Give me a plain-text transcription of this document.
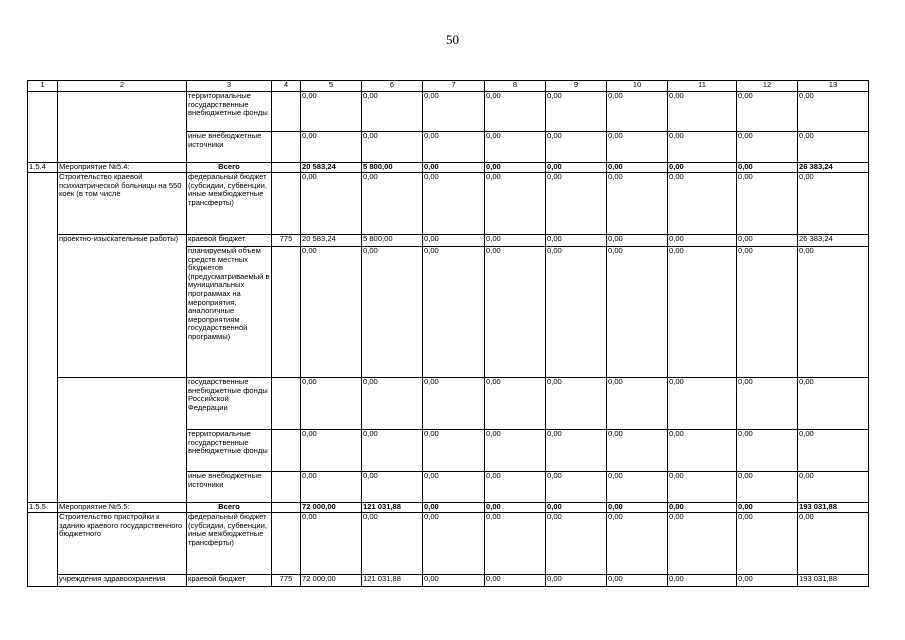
50
1	2	3	4	5	6	7	8	9	10	11	12	13
		территориальные государственные внебюджетные фонды		0,00	0,00	0,00	0,00	0,00	0,00	0,00	0,00	0,00
		иные внебюджетные источники		0,00	0,00	0,00	0,00	0,00	0,00	0,00	0,00	0,00
1.5.4	Мероприятие №5.4:	Всего		20 583,24	5 800,00	0,00	0,00	0,00	0,00	0,00	0,00	26 383,24
	Строительство краевой психиатрической больницы на 550 коек (в том числе	федеральный бюджет (субсидии, субвенции, иные межбюджетные трансферты)		0,00	0,00	0,00	0,00	0,00	0,00	0,00	0,00	0,00
	проектно-изыскательные работы)	краевой бюджет	775	20 583,24	5 800,00	0,00	0,00	0,00	0,00	0,00	0,00	26 383,24
		планируемый объем средств местных бюджетов (предусматриваемый в муниципальных программах на мероприятия, аналогичные мероприятиям государственной программы)		0,00	0,00	0,00	0,00	0,00	0,00	0,00	0,00	0,00
		государственные внебюджетные фонды Российской Федерации		0,00	0,00	0,00	0,00	0,00	0,00	0,00	0,00	0,00
		территориальные государственные внебюджетные фонды		0,00	0,00	0,00	0,00	0,00	0,00	0,00	0,00	0,00
		иные внебюджетные источники		0,00	0,00	0,00	0,00	0,00	0,00	0,00	0,00	0,00
1.5.5	Мероприятие №5.5:	Всего		72 000,00	121 031,88	0,00	0,00	0,00	0,00	0,00	0,00	193 031,88
	Строительство пристройки к зданию краевого государственного бюджетного	федеральный бюджет (субсидии, субвенции, иные межбюджетные трансферты)		0,00	0,00	0,00	0,00	0,00	0,00	0,00	0,00	0,00
	учреждения здравоохранения	краевой бюджет	775	72 000,00	121 031,88	0,00	0,00	0,00	0,00	0,00	0,00	193 031,88
